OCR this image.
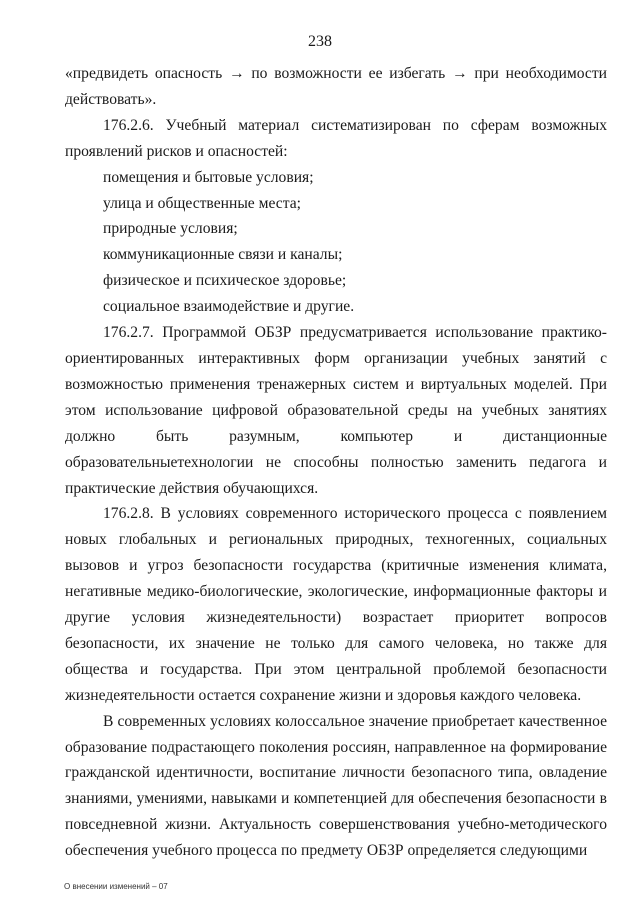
238

«предвидеть опасность → по возможности ее избегать → при необходимости действовать».

176.2.6. Учебный материал систематизирован по сферам возможных проявлений рисков и опасностей:

помещения и бытовые условия;

улица и общественные места;

природные условия;

коммуникационные связи и каналы;

физическое и психическое здоровье;

социальное взаимодействие и другие.

176.2.7. Программой ОБЗР предусматривается использование практико-ориентированных интерактивных форм организации учебных занятий с возможностью применения тренажерных систем и виртуальных моделей. При этом использование цифровой образовательной среды на учебных занятиях должно быть разумным, компьютер и дистанционные образовательныетехнологии не способны полностью заменить педагога и практические действия обучающихся.

176.2.8. В условиях современного исторического процесса с появлением новых глобальных и региональных природных, техногенных, социальных вызовов и угроз безопасности государства (критичные изменения климата, негативные медико-биологические, экологические, информационные факторы и другие условия жизнедеятельности) возрастает приоритет вопросов безопасности, их значение не только для самого человека, но также для общества и государства. При этом центральной проблемой безопасности жизнедеятельности остается сохранение жизни и здоровья каждого человека.

В современных условиях колоссальное значение приобретает качественное образование подрастающего поколения россиян, направленное на формирование гражданской идентичности, воспитание личности безопасного типа, овладение знаниями, умениями, навыками и компетенцией для обеспечения безопасности в повседневной жизни. Актуальность совершенствования учебно-методического обеспечения учебного процесса по предмету ОБЗР определяется следующими

О внесении изменений – 07
